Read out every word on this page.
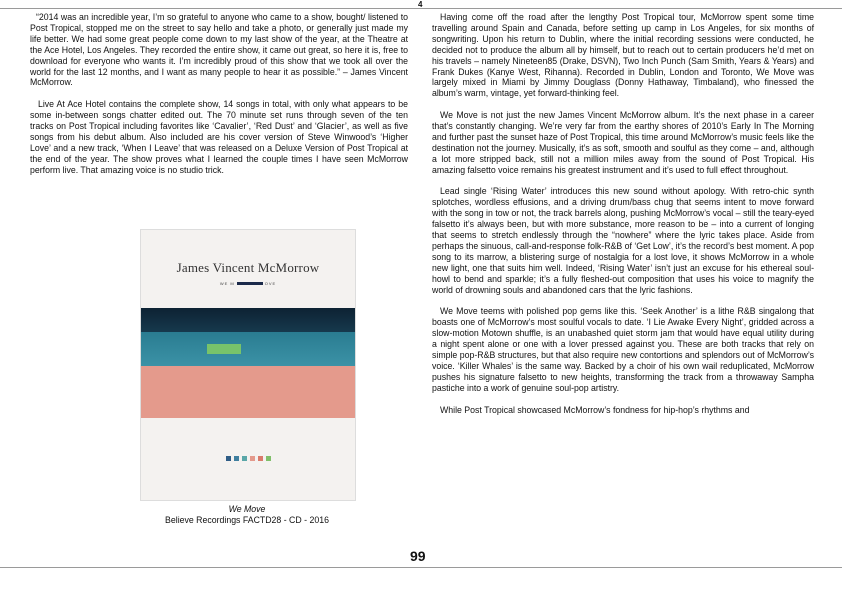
4

“2014 was an incredible year, I’m so grateful to anyone who came to a show, bought/ listened to Post Tropical, stopped me on the street to say hello and take a photo, or generally just made my life better. We had some great people come down to my last show of the year, at the Theatre at the Ace Hotel, Los Angeles. They recorded the entire show, it came out great, so here it is, free to download for everyone who wants it. I’m incredibly proud of this show that we took all over the world for the last 12 months, and I want as many people to hear it as possible.” – James Vincent McMorrow.

Live At Ace Hotel contains the complete show, 14 songs in total, with only what appears to be some in-between songs chatter edited out. The 70 minute set runs through seven of the ten tracks on Post Tropical including favorites like ‘Cavalier’, ‘Red Dust’ and ‘Glacier’, as well as five songs from his debut album. Also included are his cover version of Steve Winwood’s ‘Higher Love’ and a new track, ‘When I Leave’ that was released on a Deluxe Version of Post Tropical at the end of the year. The show proves what I learned the couple times I have seen McMorrow perform live. That amazing voice is no studio trick.

James Vincent McMorrow
WE M	OVE
We Move
Believe Recordings FACTD28 - CD - 2016

Having come off the road after the lengthy Post Tropical tour, McMorrow spent some time travelling around Spain and Canada, before setting up camp in Los Angeles, for six months of songwriting. Upon his return to Dublin, where the initial recording sessions were conducted, he decided not to produce the album all by himself, but to reach out to certain producers he’d met on his travels – namely Nineteen85 (Drake, DSVN), Two Inch Punch (Sam Smith, Years & Years) and Frank Dukes (Kanye West, Rihanna). Recorded in Dublin, London and Toronto, We Move was largely mixed in Miami by Jimmy Douglass (Donny Hathaway, Timbaland), who finessed the album’s warm, vintage, yet forward-thinking feel.

We Move is not just the new James Vincent McMorrow album. It’s the next phase in a career that’s constantly changing. We’re very far from the earthy shores of 2010’s Early In The Morning and further past the sunset haze of Post Tropical, this time around McMorrow’s music feels like the destination not the journey. Musically, it’s as soft, smooth and soulful as they come – and, although a lot more stripped back, still not a million miles away from the sound of Post Tropical. His amazing falsetto voice remains his greatest instrument and it’s used to full effect throughout.

Lead single ‘Rising Water’ introduces this new sound without apology. With retro-chic synth splotches, wordless effusions, and a driving drum/bass chug that seems intent to move forward with the song in tow or not, the track barrels along, pushing McMorrow’s vocal – still the teary-eyed falsetto it’s always been, but with more substance, more reason to be – into a current of longing that seems to stretch endlessly through the “nowhere” where the lyric takes place. Aside from perhaps the sinuous, call-and-response folk-R&B of ‘Get Low’, it’s the record’s best moment. A pop song to its marrow, a blistering surge of nostalgia for a lost love, it shows McMorrow in a whole new light, one that suits him well. Indeed, ‘Rising Water’ isn’t just an excuse for his ethereal soul-howl to bend and sparkle; it’s a fully fleshed-out composition that uses his voice to magnify the world of drowning souls and abandoned cars that the lyric fashions.

We Move teems with polished pop gems like this. ‘Seek Another’ is a lithe R&B singalong that boasts one of McMorrow’s most soulful vocals to date. ‘I Lie Awake Every Night’, gridded across a slow-motion Motown shuffle, is an unabashed quiet storm jam that would have equal utility during a night spent alone or one with a lover pressed against you. These are both tracks that rely on simple pop-R&B structures, but that also require new contortions and splendors out of McMorrow’s voice. ‘Killer Whales’ is the same way. Backed by a choir of his own wail reduplicated, McMorrow pushes his signature falsetto to new heights, transforming the track from a throwaway Sampha pastiche into a work of genuine soul-pop artistry.

While Post Tropical showcased McMorrow’s fondness for hip-hop’s rhythms and

99
